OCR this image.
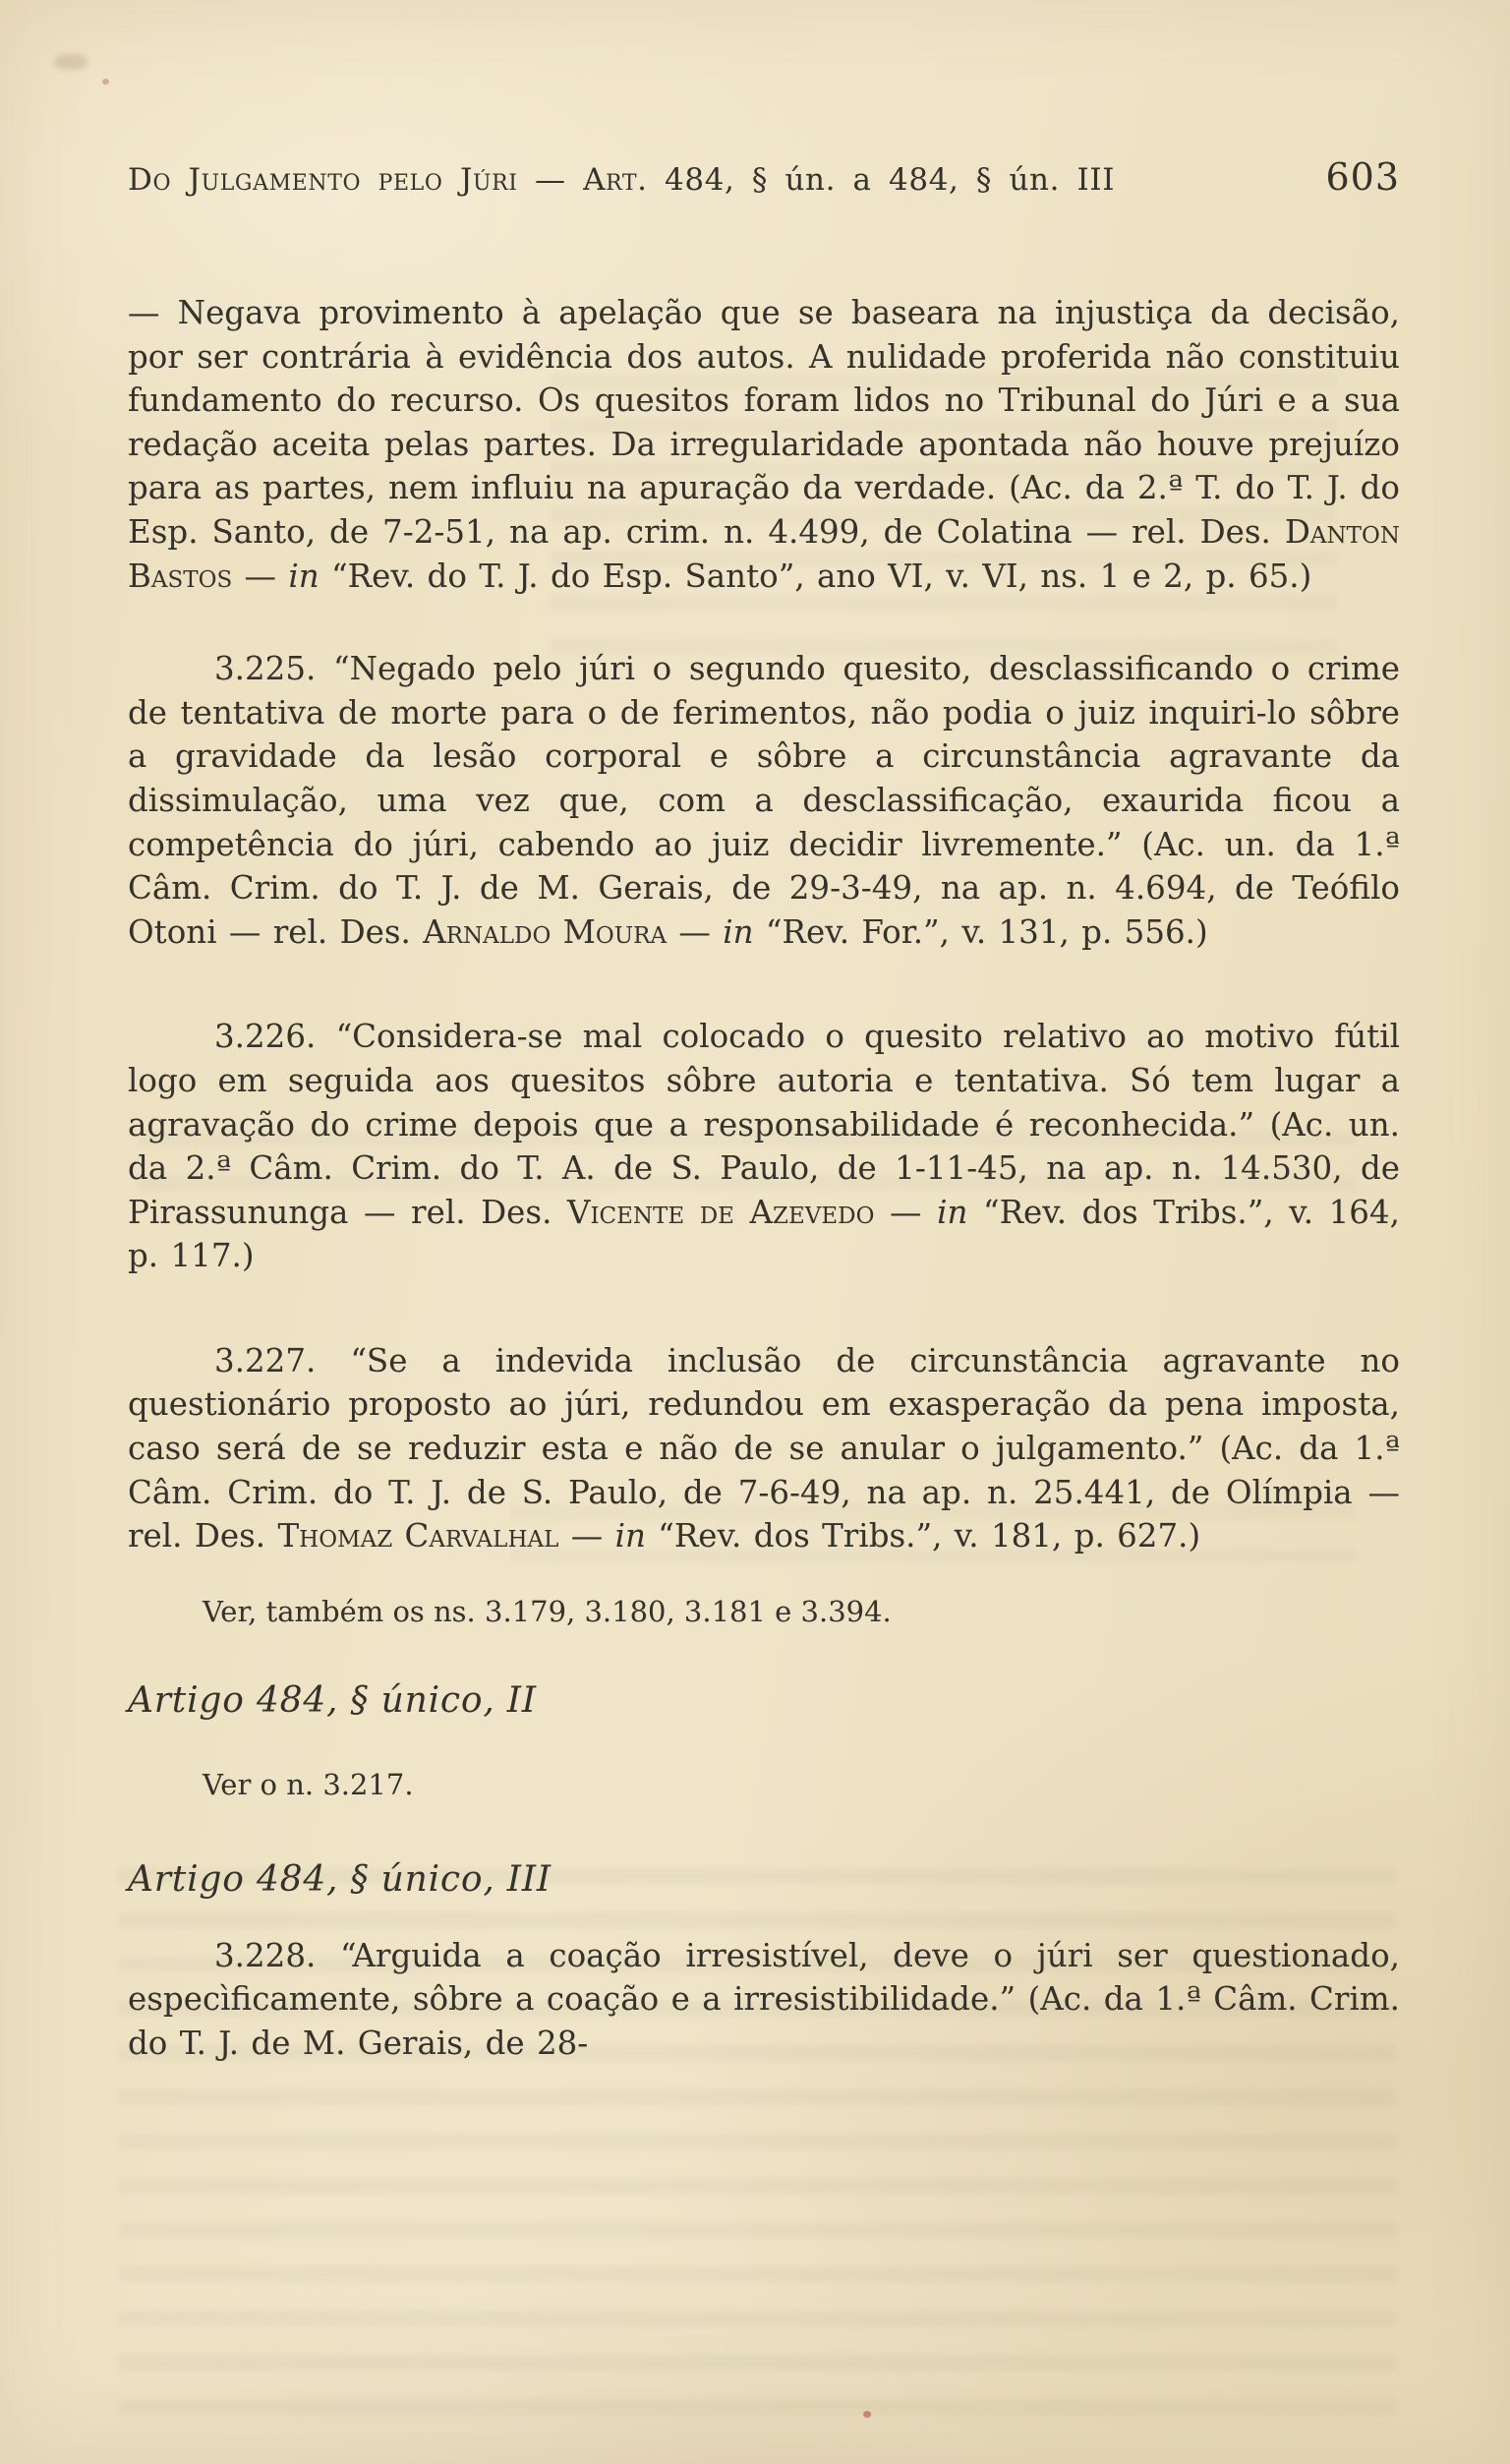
Do Julgamento pelo Júri — Art. 484, § ún. a 484, § ún. III	603

— Negava provimento à apelação que se baseara na injustiça da decisão, por ser contrária à evidência dos autos. A nulidade proferida não constituiu fundamento do recurso. Os quesitos foram lidos no Tribunal do Júri e a sua redação aceita pelas partes. Da irregularidade apontada não houve prejuízo para as partes, nem influiu na apuração da verdade. (Ac. da 2.ª T. do T. J. do Esp. Santo, de 7-2-51, na ap. crim. n. 4.499, de Colatina — rel. Des. Danton Bastos — in “Rev. do T. J. do Esp. Santo”, ano VI, v. VI, ns. 1 e 2, p. 65.)

3.225. “Negado pelo júri o segundo quesito, desclassificando o crime de tentativa de morte para o de ferimentos, não podia o juiz inquiri-lo sôbre a gravidade da lesão corporal e sôbre a circunstância agravante da dissimulação, uma vez que, com a desclassificação, exaurida ficou a competência do júri, cabendo ao juiz decidir livremente.” (Ac. un. da 1.ª Câm. Crim. do T. J. de M. Gerais, de 29-3-49, na ap. n. 4.694, de Teófilo Otoni — rel. Des. Arnaldo Moura — in “Rev. For.”, v. 131, p. 556.)

3.226. “Considera-se mal colocado o quesito relativo ao motivo fútil logo em seguida aos quesitos sôbre autoria e tentativa. Só tem lugar a agravação do crime depois que a responsabilidade é reconhecida.” (Ac. un. da 2.ª Câm. Crim. do T. A. de S. Paulo, de 1-11-45, na ap. n. 14.530, de Pirassununga — rel. Des. Vicente de Azevedo — in “Rev. dos Tribs.”, v. 164, p. 117.)

3.227. “Se a indevida inclusão de circunstância agravante no questionário proposto ao júri, redundou em exasperação da pena imposta, caso será de se reduzir esta e não de se anular o julgamento.” (Ac. da 1.ª Câm. Crim. do T. J. de S. Paulo, de 7-6-49, na ap. n. 25.441, de Olímpia — rel. Des. Thomaz Carvalhal — in “Rev. dos Tribs.”, v. 181, p. 627.)

Ver, também os ns. 3.179, 3.180, 3.181 e 3.394.

Artigo 484, § único, II

Ver o n. 3.217.

Artigo 484, § único, III

3.228. “Arguida a coação irresistível, deve o júri ser questionado, especìficamente, sôbre a coação e a irresistibilidade.” (Ac. da 1.ª Câm. Crim. do T. J. de M. Gerais, de 28-
